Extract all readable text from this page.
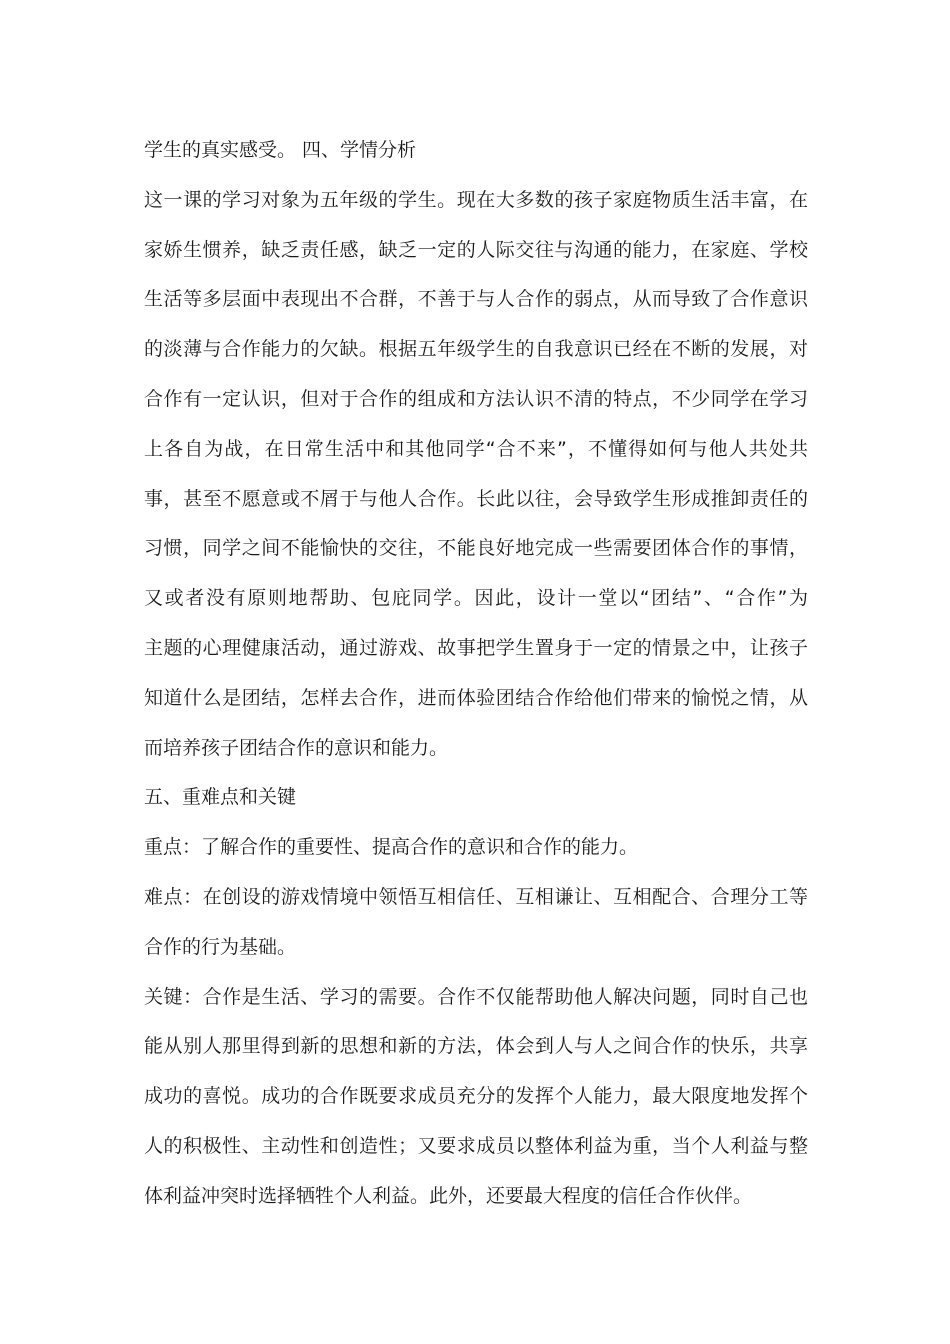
学生的真实感受。 四、学情分析
这一课的学习对象为五年级的学生。现在大多数的孩子家庭物质生活丰富，在
家娇生惯养，缺乏责任感，缺乏一定的人际交往与沟通的能力，在家庭、学校
生活等多层面中表现出不合群，不善于与人合作的弱点，从而导致了合作意识
的淡薄与合作能力的欠缺。根据五年级学生的自我意识已经在不断的发展，对
合作有一定认识，但对于合作的组成和方法认识不清的特点，不少同学在学习
上各自为战，在日常生活中和其他同学“合不来”，不懂得如何与他人共处共
事，甚至不愿意或不屑于与他人合作。长此以往，会导致学生形成推卸责任的
习惯，同学之间不能愉快的交往，不能良好地完成一些需要团体合作的事情，
又或者没有原则地帮助、包庇同学。因此，设计一堂以“团结”、“合作”为
主题的心理健康活动，通过游戏、故事把学生置身于一定的情景之中，让孩子
知道什么是团结，怎样去合作，进而体验团结合作给他们带来的愉悦之情，从
而培养孩子团结合作的意识和能力。
五、重难点和关键
重点：了解合作的重要性、提高合作的意识和合作的能力。
难点：在创设的游戏情境中领悟互相信任、互相谦让、互相配合、合理分工等
合作的行为基础。
关键：合作是生活、学习的需要。合作不仅能帮助他人解决问题，同时自己也
能从别人那里得到新的思想和新的方法，体会到人与人之间合作的快乐，共享
成功的喜悦。成功的合作既要求成员充分的发挥个人能力，最大限度地发挥个
人的积极性、主动性和创造性；又要求成员以整体利益为重，当个人利益与整
体利益冲突时选择牺牲个人利益。此外，还要最大程度的信任合作伙伴。
